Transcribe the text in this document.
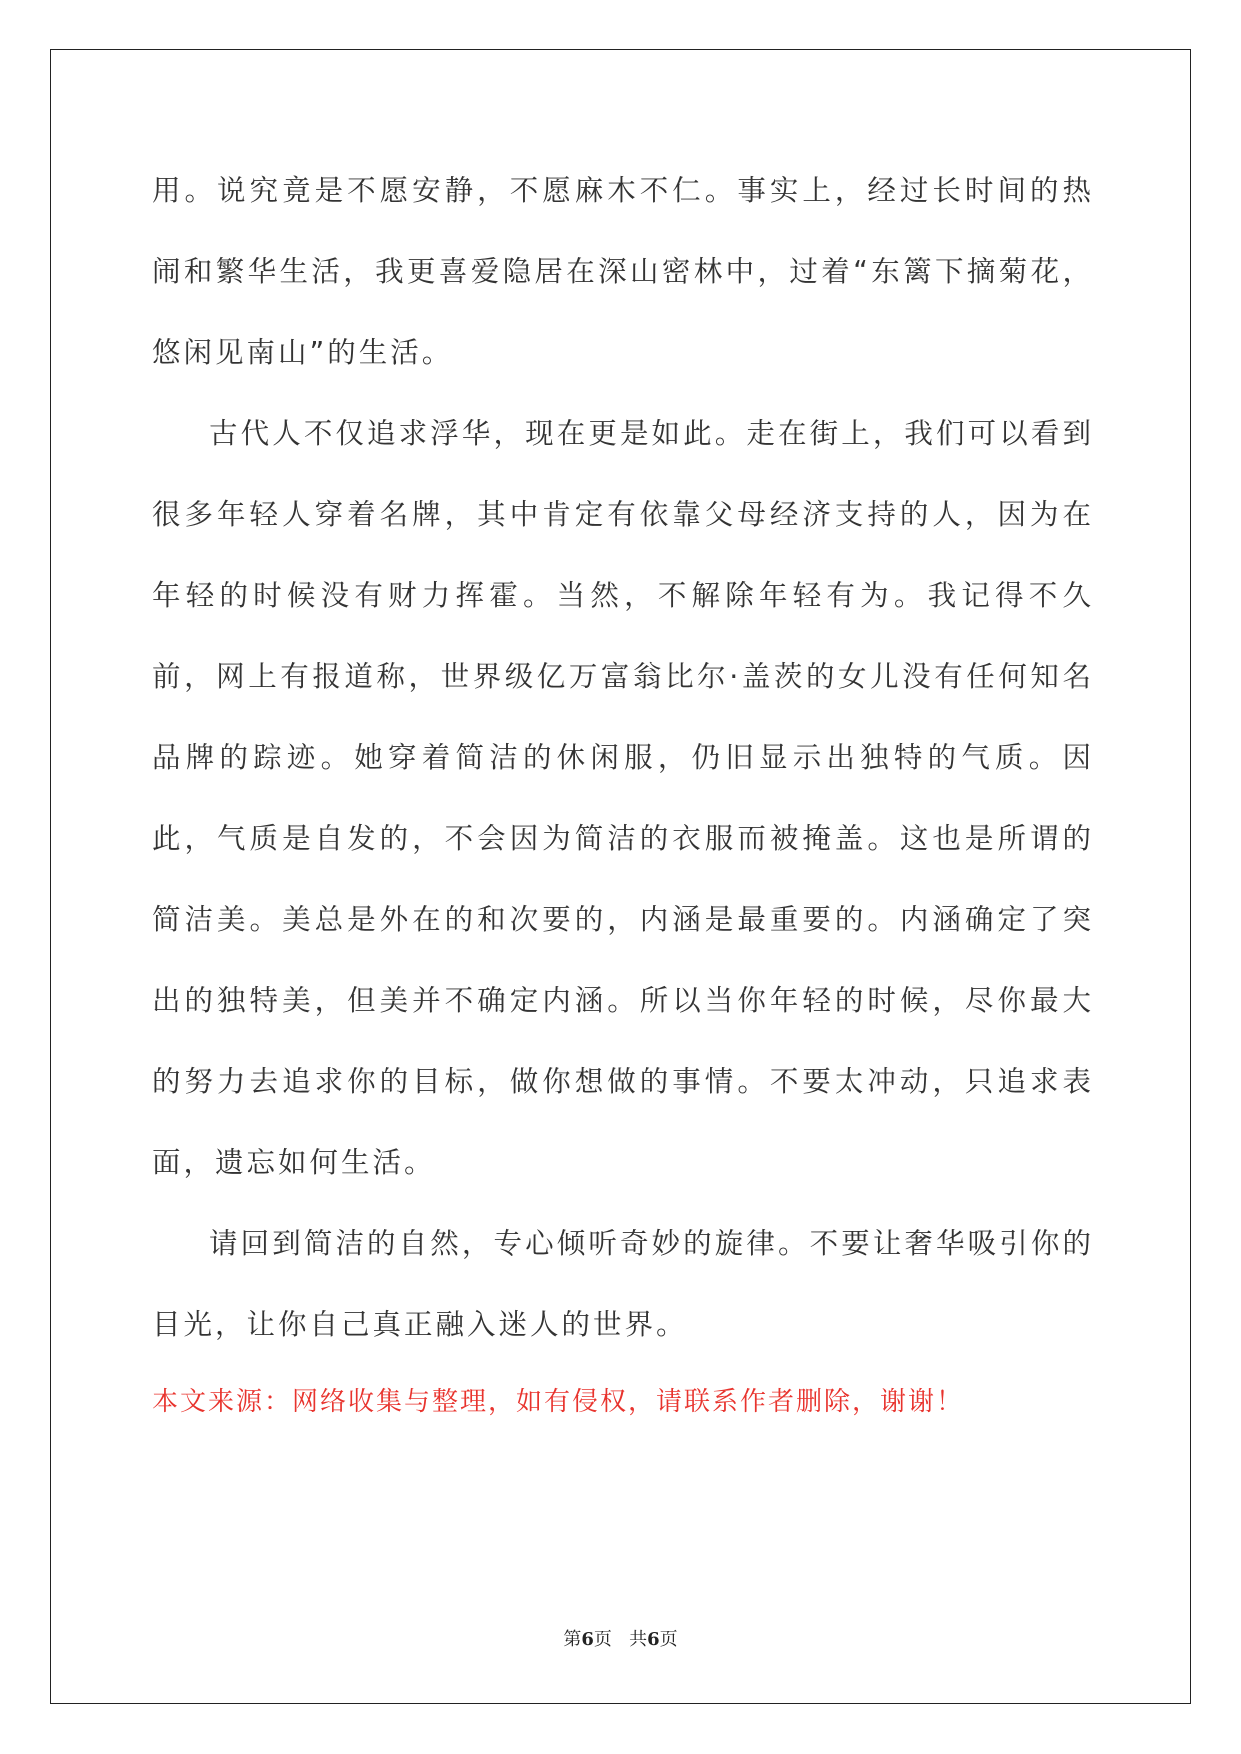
用。说究竟是不愿安静，不愿麻木不仁。事实上，经过长时间的热闹和繁华生活，我更喜爱隐居在深山密林中，过着“东篱下摘菊花，悠闲见南山”的生活。

古代人不仅追求浮华，现在更是如此。走在街上，我们可以看到很多年轻人穿着名牌，其中肯定有依靠父母经济支持的人，因为在年轻的时候没有财力挥霍。当然，不解除年轻有为。我记得不久前，网上有报道称，世界级亿万富翁比尔·盖茨的女儿没有任何知名品牌的踪迹。她穿着简洁的休闲服，仍旧显示出独特的气质。因此，气质是自发的，不会因为简洁的衣服而被掩盖。这也是所谓的简洁美。美总是外在的和次要的，内涵是最重要的。内涵确定了突出的独特美，但美并不确定内涵。所以当你年轻的时候，尽你最大的努力去追求你的目标，做你想做的事情。不要太冲动，只追求表面，遗忘如何生活。

请回到简洁的自然，专心倾听奇妙的旋律。不要让奢华吸引你的目光，让你自己真正融入迷人的世界。

本文来源：网络收集与整理，如有侵权，请联系作者删除，谢谢！
第6页   共6页
